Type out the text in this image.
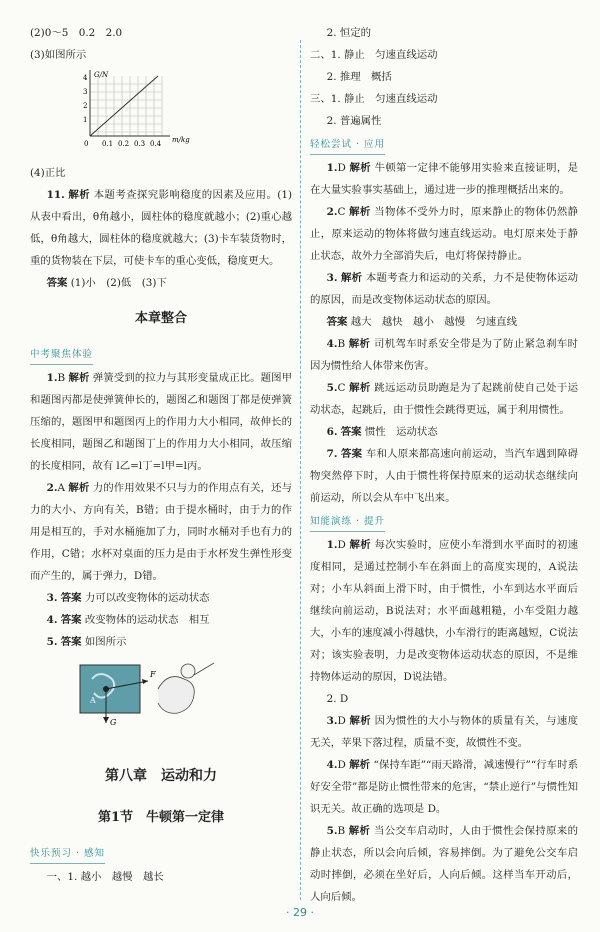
(2)0～5　0.2　2.0

(3)如图所示

G/N
m/kg
1
2
3
4
0 0.1 0.2 0.3 0.4

(4)正比

11. 解析 本题考查探究影响稳度的因素及应用。(1)从表中看出，θ角越小，圆柱体的稳度就越小；(2)重心越低，θ角越大，圆柱体的稳度就越大；(3)卡车装货物时，重的货物装在下层，可使卡车的重心变低，稳度更大。

答案 (1)小　(2)低　(3)下

本章整合
中考聚焦体验

1.B 解析 弹簧受到的拉力与其形变量成正比。题图甲和题图丙都是使弹簧伸长的，题图乙和题图丁都是使弹簧压缩的，题图甲和题图丙上的作用力大小相同，故伸长的长度相同，题图乙和题图丁上的作用力大小相同，故压缩的长度相同，故有 l乙=l丁=l甲=l丙。

2.A 解析 力的作用效果不只与力的作用点有关，还与力的大小、方向有关，B错；由于提水桶时，由于力的作用是相互的，手对水桶施加了力，同时水桶对手也有力的作用，C错；水杯对桌面的压力是由于水杯发生弹性形变而产生的，属于弹力，D错。

3. 答案 力可以改变物体的运动状态

4. 答案 改变物体的运动状态　相互

5. 答案 如图所示

F
A
G
第八章　运动和力
第1节　牛顿第一定律
快乐预习 · 感知

一、1. 越小　越慢　越长

2. 恒定的

二、1. 静止　匀速直线运动

2. 推理　概括

三、1. 静止　匀速直线运动

2. 普遍属性

轻松尝试 · 应用

1.D 解析 牛顿第一定律不能够用实验来直接证明，是在大量实验事实基础上，通过进一步的推理概括出来的。

2.C 解析 当物体不受外力时，原来静止的物体仍然静止，原来运动的物体将做匀速直线运动。电灯原来处于静止状态，故外力全部消失后，电灯将保持静止。

3. 解析 本题考查力和运动的关系，力不是使物体运动的原因，而是改变物体运动状态的原因。

答案 越大　越快　越小　越慢　匀速直线

4.B 解析 司机驾车时系安全带是为了防止紧急刹车时因为惯性给人体带来伤害。

5.C 解析 跳远运动员助跑是为了起跳前使自己处于运动状态，起跳后，由于惯性会跳得更远，属于利用惯性。

6. 答案 惯性　运动状态

7. 答案 车和人原来都高速向前运动，当汽车遇到障碍物突然停下时，人由于惯性将保持原来的运动状态继续向前运动，所以会从车中飞出来。

知能演练 · 提升

1.D 解析 每次实验时，应使小车滑到水平面时的初速度相同，是通过控制小车在斜面上的高度实现的，A说法对；小车从斜面上滑下时，由于惯性，小车到达水平面后继续向前运动，B说法对；水平面越粗糙，小车受阻力越大，小车的速度减小得越快，小车滑行的距离越短，C说法对；该实验表明，力是改变物体运动状态的原因，不是维持物体运动的原因，D说法错。

2. D

3.D 解析 因为惯性的大小与物体的质量有关，与速度无关，苹果下落过程，质量不变，故惯性不变。

4.D 解析 “保持车距”“雨天路滑，减速慢行”“行车时系好安全带”都是防止惯性带来的危害，“禁止逆行”与惯性知识无关。故正确的选项是 D。

5.B 解析 当公交车启动时，人由于惯性会保持原来的静止状态，所以会向后倾，容易摔倒。为了避免公交车启动时摔倒，必须在坐好后，人向后倾。这样当车开动后，人向后倾。

· 29 ·
